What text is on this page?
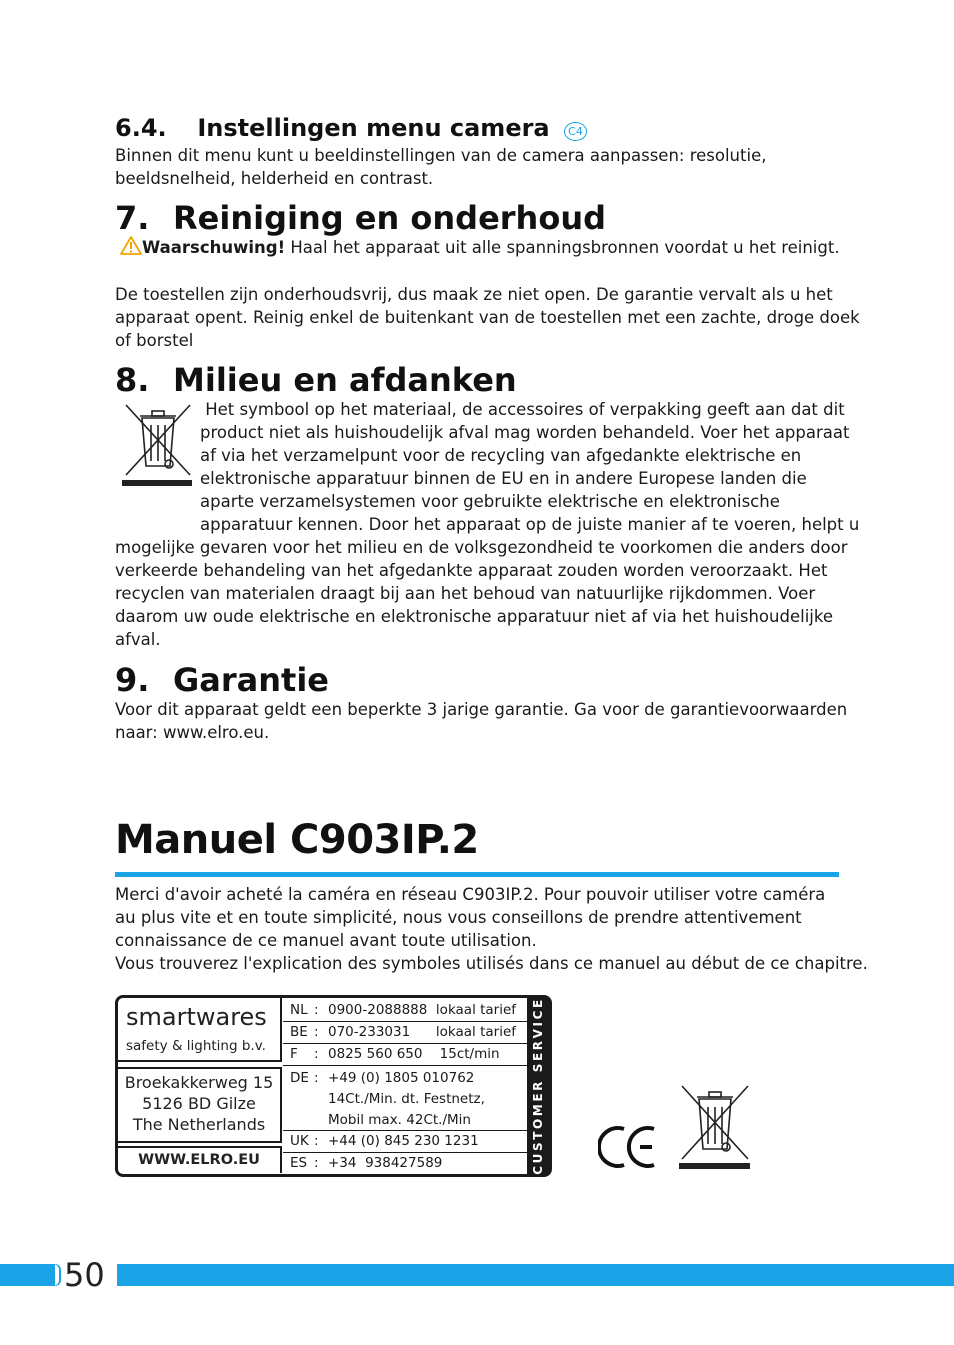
6.4. Instellingen menu camera C4
Binnen dit menu kunt u beeldinstellingen van de camera aanpassen: resolutie,
beeldsnelheid, helderheid en contrast.
7. Reiniging en onderhoud
Waarschuwing! Haal het apparaat uit alle spanningsbronnen voordat u het reinigt.
De toestellen zijn onderhoudsvrij, dus maak ze niet open. De garantie vervalt als u het
apparaat opent. Reinig enkel de buitenkant van de toestellen met een zachte, droge doek
of borstel
8. Milieu en afdanken
Het symbool op het materiaal, de accessoires of verpakking geeft aan dat dit
product niet als huishoudelijk afval mag worden behandeld. Voer het apparaat
af via het verzamelpunt voor de recycling van afgedankte elektrische en
elektronische apparatuur binnen de EU en in andere Europese landen die
aparte verzamelsystemen voor gebruikte elektrische en elektronische
apparatuur kennen. Door het apparaat op de juiste manier af te voeren, helpt u
mogelijke gevaren voor het milieu en de volksgezondheid te voorkomen die anders door
verkeerde behandeling van het afgedankte apparaat zouden worden veroorzaakt. Het
recyclen van materialen draagt bij aan het behoud van natuurlijke rijkdommen. Voer
daarom uw oude elektrische en elektronische apparatuur niet af via het huishoudelijke
afval.
9. Garantie
Voor dit apparaat geldt een beperkte 3 jarige garantie. Ga voor de garantievoorwaarden
naar: www.elro.eu.
Manuel C903IP.2
Merci d'avoir acheté la caméra en réseau C903IP.2. Pour pouvoir utiliser votre caméra
au plus vite et en toute simplicité, nous vous conseillons de prendre attentivement
connaissance de ce manuel avant toute utilisation.
Vous trouverez l'explication des symboles utilisés dans ce manuel au début de ce chapitre.
smartwares
safety & lighting b.v.
Broekakkerweg 15
5126 BD Gilze
The Netherlands
WWW.ELRO.EU
NL : 0900-2088888  lokaal tarief
BE : 070-233031      lokaal tarief
F : 0825 560 650    15ct/min
DE : +49 (0) 1805 010762
14Ct./Min. dt. Festnetz,
Mobil max. 42Ct./Min
UK : +44 (0) 845 230 1231
ES : +34  938427589	CUSTOMER SERVICE
50
